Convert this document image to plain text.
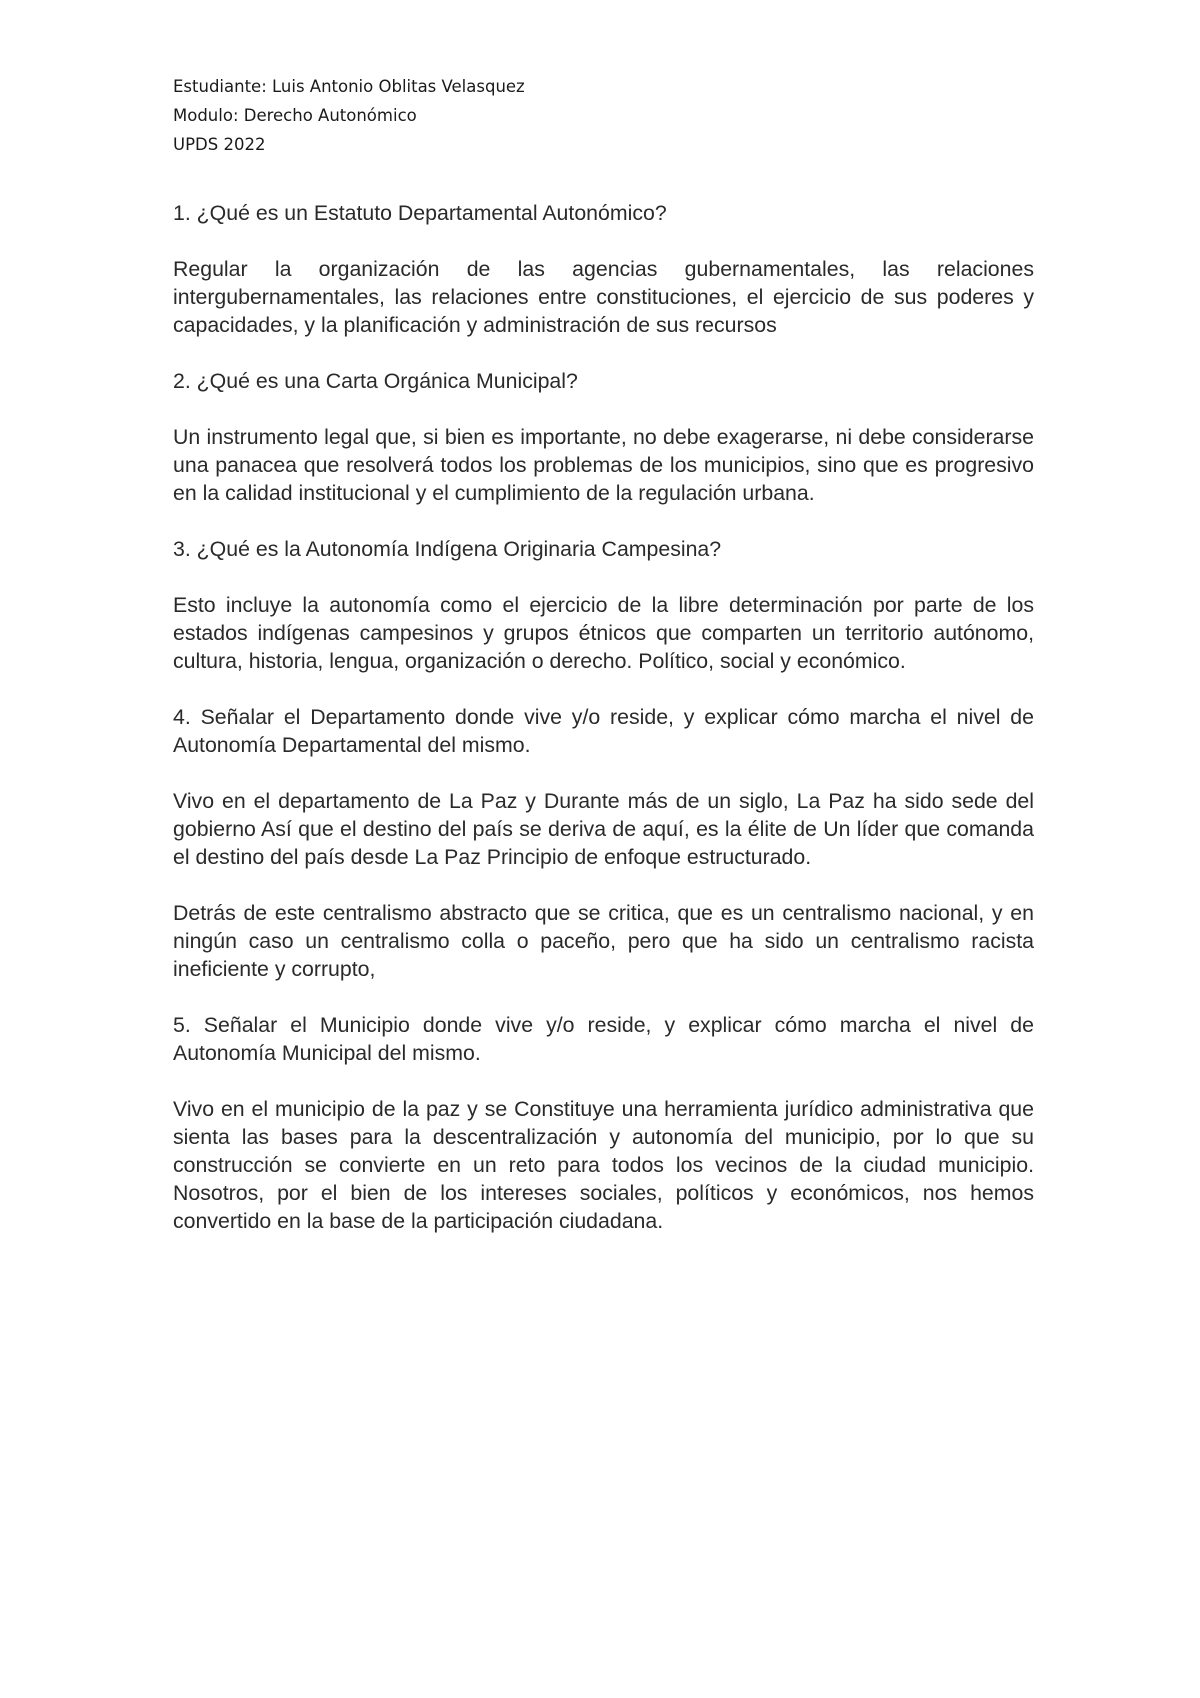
Estudiante: Luis Antonio Oblitas Velasquez
Modulo: Derecho Autonómico
UPDS 2022

1. ¿Qué es un Estatuto Departamental Autonómico?

Regular la organización de las agencias gubernamentales, las relaciones intergubernamentales, las relaciones entre constituciones, el ejercicio de sus poderes y capacidades, y la planificación y administración de sus recursos

2. ¿Qué es una Carta Orgánica Municipal?

Un instrumento legal que, si bien es importante, no debe exagerarse, ni debe considerarse una panacea que resolverá todos los problemas de los municipios, sino que es progresivo en la calidad institucional y el cumplimiento de la regulación urbana.

3. ¿Qué es la Autonomía Indígena Originaria Campesina?

Esto incluye la autonomía como el ejercicio de la libre determinación por parte de los estados indígenas campesinos y grupos étnicos que comparten un territorio autónomo, cultura, historia, lengua, organización o derecho. Político, social y económico.

4. Señalar el Departamento donde vive y/o reside, y explicar cómo marcha el nivel de Autonomía Departamental del mismo.

Vivo en el departamento de La Paz y Durante más de un siglo, La Paz ha sido sede del gobierno Así que el destino del país se deriva de aquí, es la élite de Un líder que comanda el destino del país desde La Paz Principio de enfoque estructurado.

Detrás de este centralismo abstracto que se critica, que es un centralismo nacional, y en ningún caso un centralismo colla o paceño, pero que ha sido un centralismo racista ineficiente y corrupto,

5. Señalar el Municipio donde vive y/o reside, y explicar cómo marcha el nivel de Autonomía Municipal del mismo.

Vivo en el municipio de la paz y se Constituye una herramienta jurídico administrativa que sienta las bases para la descentralización y autonomía del municipio, por lo que su construcción se convierte en un reto para todos los vecinos de la ciudad municipio. Nosotros, por el bien de los intereses sociales, políticos y económicos, nos hemos convertido en la base de la participación ciudadana.
